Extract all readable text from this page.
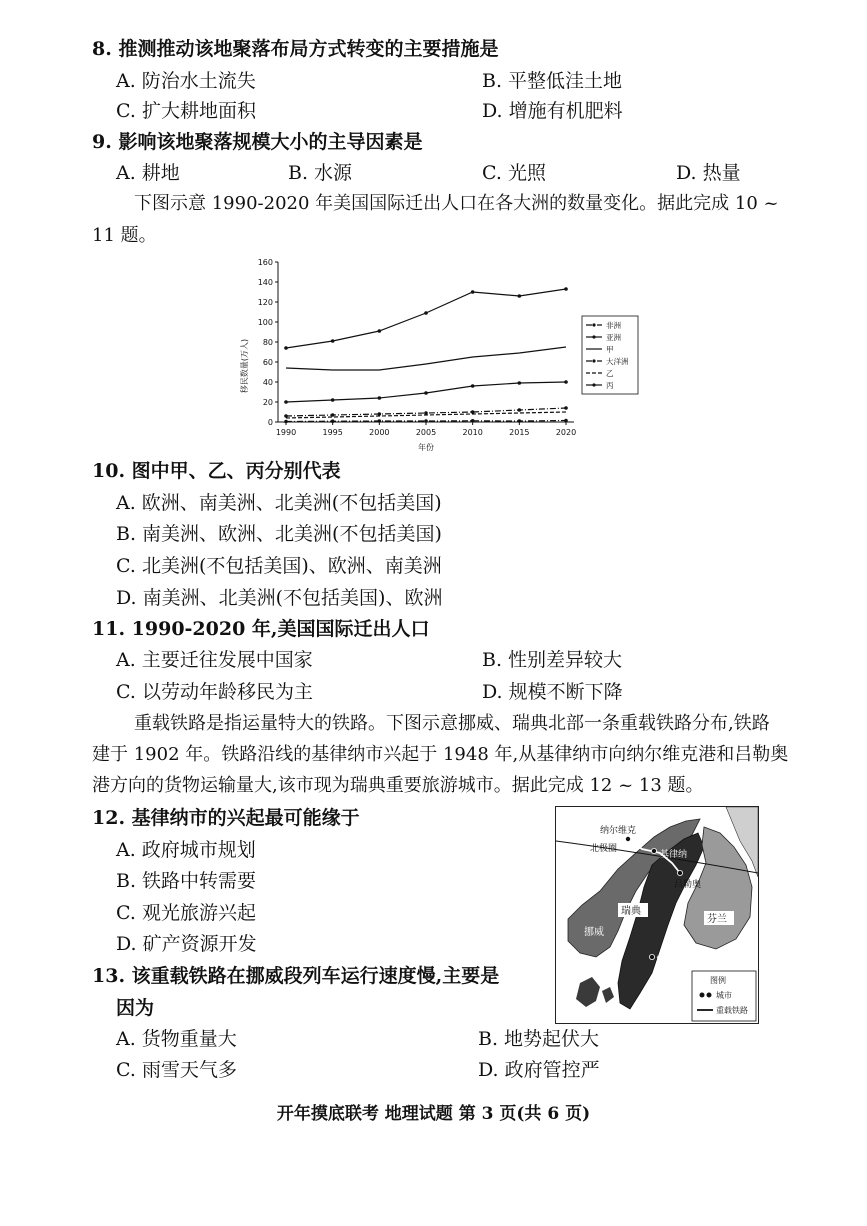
8. 推测推动该地聚落布局方式转变的主要措施是
A. 防治水土流失	B. 平整低洼土地
C. 扩大耕地面积	D. 增施有机肥料
9. 影响该地聚落规模大小的主导因素是
A. 耕地	B. 水源	C. 光照	D. 热量
下图示意 1990-2020 年美国国际迁出人口在各大洲的数量变化。据此完成 10 ~
11 题。
0
20
40
60
80
100
120
140
160
1990	1995	2000	2005	2010	2015	2020
非洲
亚洲
甲
大洋洲
乙
丙
移民数量(万人)
年份
10. 图中甲、乙、丙分别代表
A. 欧洲、南美洲、北美洲(不包括美国)
B. 南美洲、欧洲、北美洲(不包括美国)
C. 北美洲(不包括美国)、欧洲、南美洲
D. 南美洲、北美洲(不包括美国)、欧洲
11. 1990-2020 年,美国国际迁出人口
A. 主要迁往发展中国家	B. 性别差异较大
C. 以劳动年龄移民为主	D. 规模不断下降
重载铁路是指运量特大的铁路。下图示意挪威、瑞典北部一条重载铁路分布,铁路
建于 1902 年。铁路沿线的基律纳市兴起于 1948 年,从基律纳市向纳尔维克港和吕勒奥
港方向的货物运输量大,该市现为瑞典重要旅游城市。据此完成 12 ~ 13 题。
12. 基律纳市的兴起最可能缘于
A. 政府城市规划
B. 铁路中转需要
C. 观光旅游兴起
D. 矿产资源开发
13. 该重载铁路在挪威段列车运行速度慢,主要是
因为
A. 货物重量大	B. 地势起伏大
C. 雨雪天气多	D. 政府管控严
纳尔维克
北极圈
基律纳
吕勒奥
瑞典
芬兰
挪威
斯德哥尔摩
图例
城市
重载铁路
开年摸底联考 地理试题 第 3 页(共 6 页)
